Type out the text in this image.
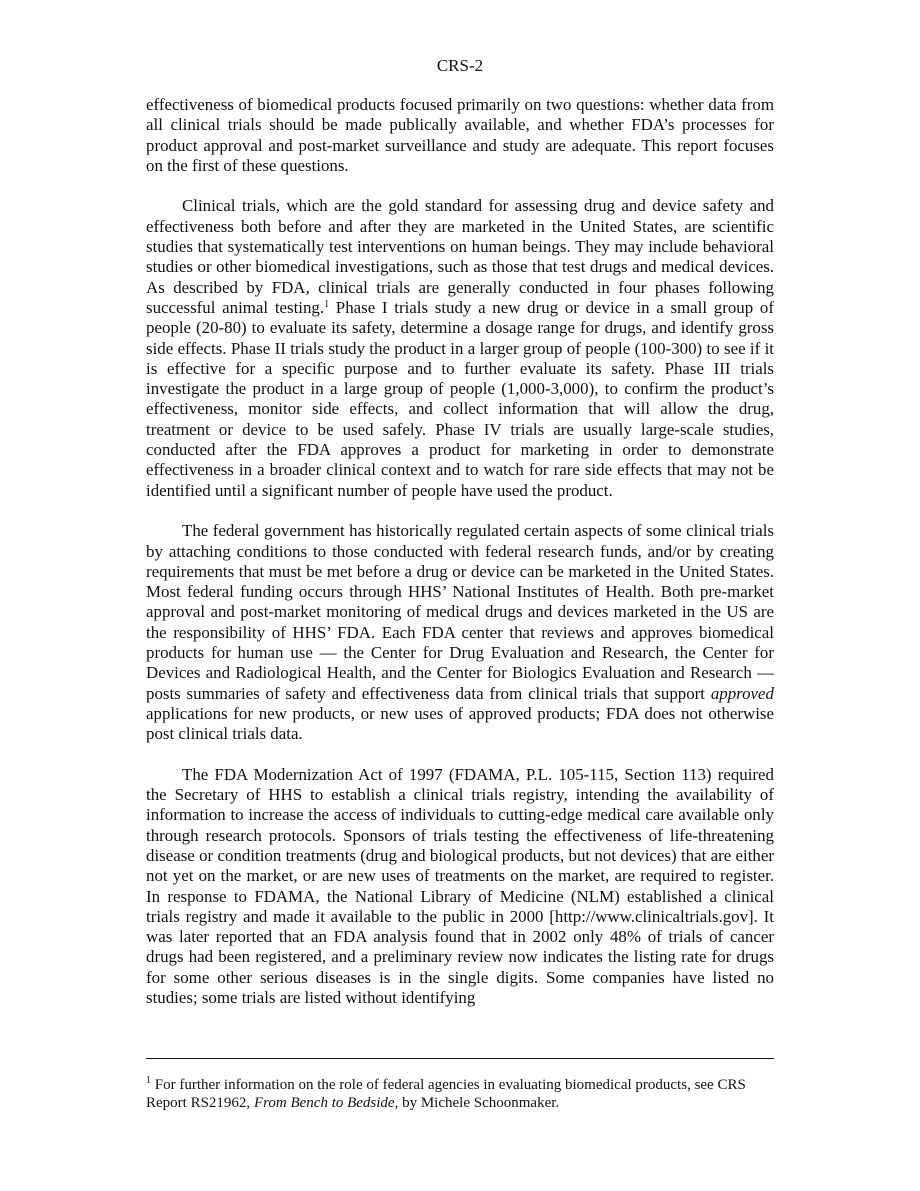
CRS-2

effectiveness of biomedical products focused primarily on two questions: whether data from all clinical trials should be made publically available, and whether FDA’s processes for product approval and post-market surveillance and study are adequate. This report focuses on the first of these questions.

Clinical trials, which are the gold standard for assessing drug and device safety and effectiveness both before and after they are marketed in the United States, are scientific studies that systematically test interventions on human beings. They may include behavioral studies or other biomedical investigations, such as those that test drugs and medical devices. As described by FDA, clinical trials are generally conducted in four phases following successful animal testing.$^1$ Phase I trials study a new drug or device in a small group of people (20-80) to evaluate its safety, determine a dosage range for drugs, and identify gross side effects. Phase II trials study the product in a larger group of people (100-300) to see if it is effective for a specific purpose and to further evaluate its safety. Phase III trials investigate the product in a large group of people (1,000-3,000), to confirm the product’s effectiveness, monitor side effects, and collect information that will allow the drug, treatment or device to be used safely. Phase IV trials are usually large-scale studies, conducted after the FDA approves a product for marketing in order to demonstrate effectiveness in a broader clinical context and to watch for rare side effects that may not be identified until a significant number of people have used the product.

The federal government has historically regulated certain aspects of some clinical trials by attaching conditions to those conducted with federal research funds, and/or by creating requirements that must be met before a drug or device can be marketed in the United States. Most federal funding occurs through HHS’ National Institutes of Health. Both pre-market approval and post-market monitoring of medical drugs and devices marketed in the US are the responsibility of HHS’ FDA. Each FDA center that reviews and approves biomedical products for human use — the Center for Drug Evaluation and Research, the Center for Devices and Radiological Health, and the Center for Biologics Evaluation and Research — posts summaries of safety and effectiveness data from clinical trials that support approved applications for new products, or new uses of approved products; FDA does not otherwise post clinical trials data.

The FDA Modernization Act of 1997 (FDAMA, P.L. 105-115, Section 113) required the Secretary of HHS to establish a clinical trials registry, intending the availability of information to increase the access of individuals to cutting-edge medical care available only through research protocols. Sponsors of trials testing the effectiveness of life-threatening disease or condition treatments (drug and biological products, but not devices) that are either not yet on the market, or are new uses of treatments on the market, are required to register. In response to FDAMA, the National Library of Medicine (NLM) established a clinical trials registry and made it available to the public in 2000 [http://www.clinicaltrials.gov]. It was later reported that an FDA analysis found that in 2002 only 48% of trials of cancer drugs had been registered, and a preliminary review now indicates the listing rate for drugs for some other serious diseases is in the single digits. Some companies have listed no studies; some trials are listed without identifying

$^1$ For further information on the role of federal agencies in evaluating biomedical products, see CRS Report RS21962, From Bench to Bedside, by Michele Schoonmaker.
